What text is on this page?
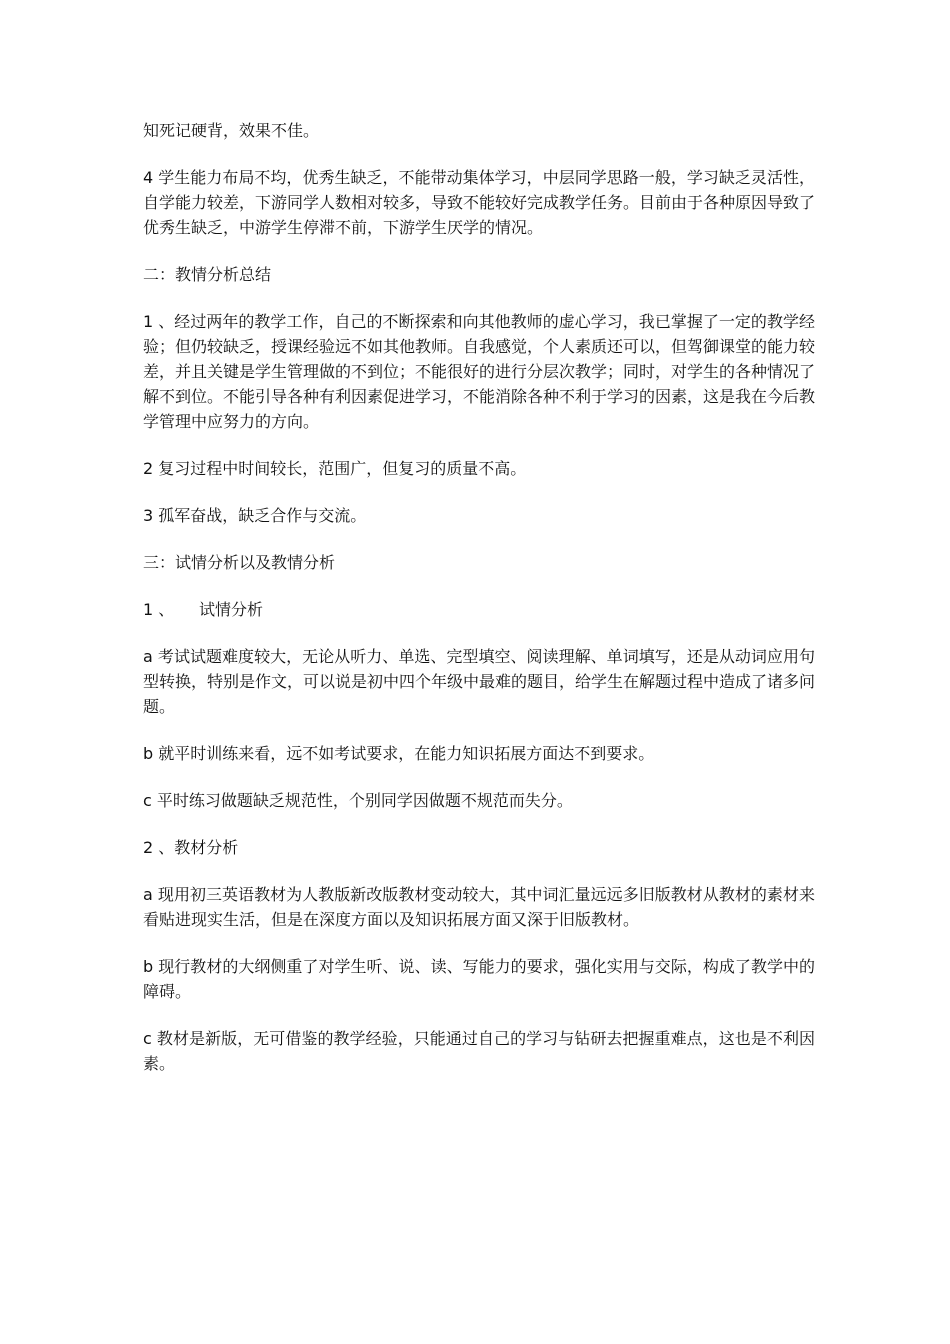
知死记硬背，效果不佳。

4 学生能力布局不均，优秀生缺乏，不能带动集体学习，中层同学思路一般，学习缺乏灵活性，自学能力较差，下游同学人数相对较多，导致不能较好完成教学任务。目前由于各种原因导致了优秀生缺乏，中游学生停滞不前，下游学生厌学的情况。

二：教情分析总结

1 、经过两年的教学工作，自己的不断探索和向其他教师的虚心学习，我已掌握了一定的教学经验；但仍较缺乏，授课经验远不如其他教师。自我感觉，个人素质还可以，但驾御课堂的能力较差，并且关键是学生管理做的不到位；不能很好的进行分层次教学；同时，对学生的各种情况了解不到位。不能引导各种有利因素促进学习，不能消除各种不利于学习的因素，这是我在今后教学管理中应努力的方向。

2 复习过程中时间较长，范围广，但复习的质量不高。

3 孤军奋战，缺乏合作与交流。

三：试情分析以及教情分析

1 、 试情分析

a 考试试题难度较大，无论从听力、单选、完型填空、阅读理解、单词填写，还是从动词应用句型转换，特别是作文，可以说是初中四个年级中最难的题目，给学生在解题过程中造成了诸多问题。

b 就平时训练来看，远不如考试要求，在能力知识拓展方面达不到要求。

c 平时练习做题缺乏规范性，个别同学因做题不规范而失分。

2 、教材分析

a 现用初三英语教材为人教版新改版教材变动较大，其中词汇量远远多旧版教材从教材的素材来看贴进现实生活，但是在深度方面以及知识拓展方面又深于旧版教材。

b 现行教材的大纲侧重了对学生听、说、读、写能力的要求，强化实用与交际，构成了教学中的障碍。

c 教材是新版，无可借鉴的教学经验，只能通过自己的学习与钻研去把握重难点，这也是不利因素。
